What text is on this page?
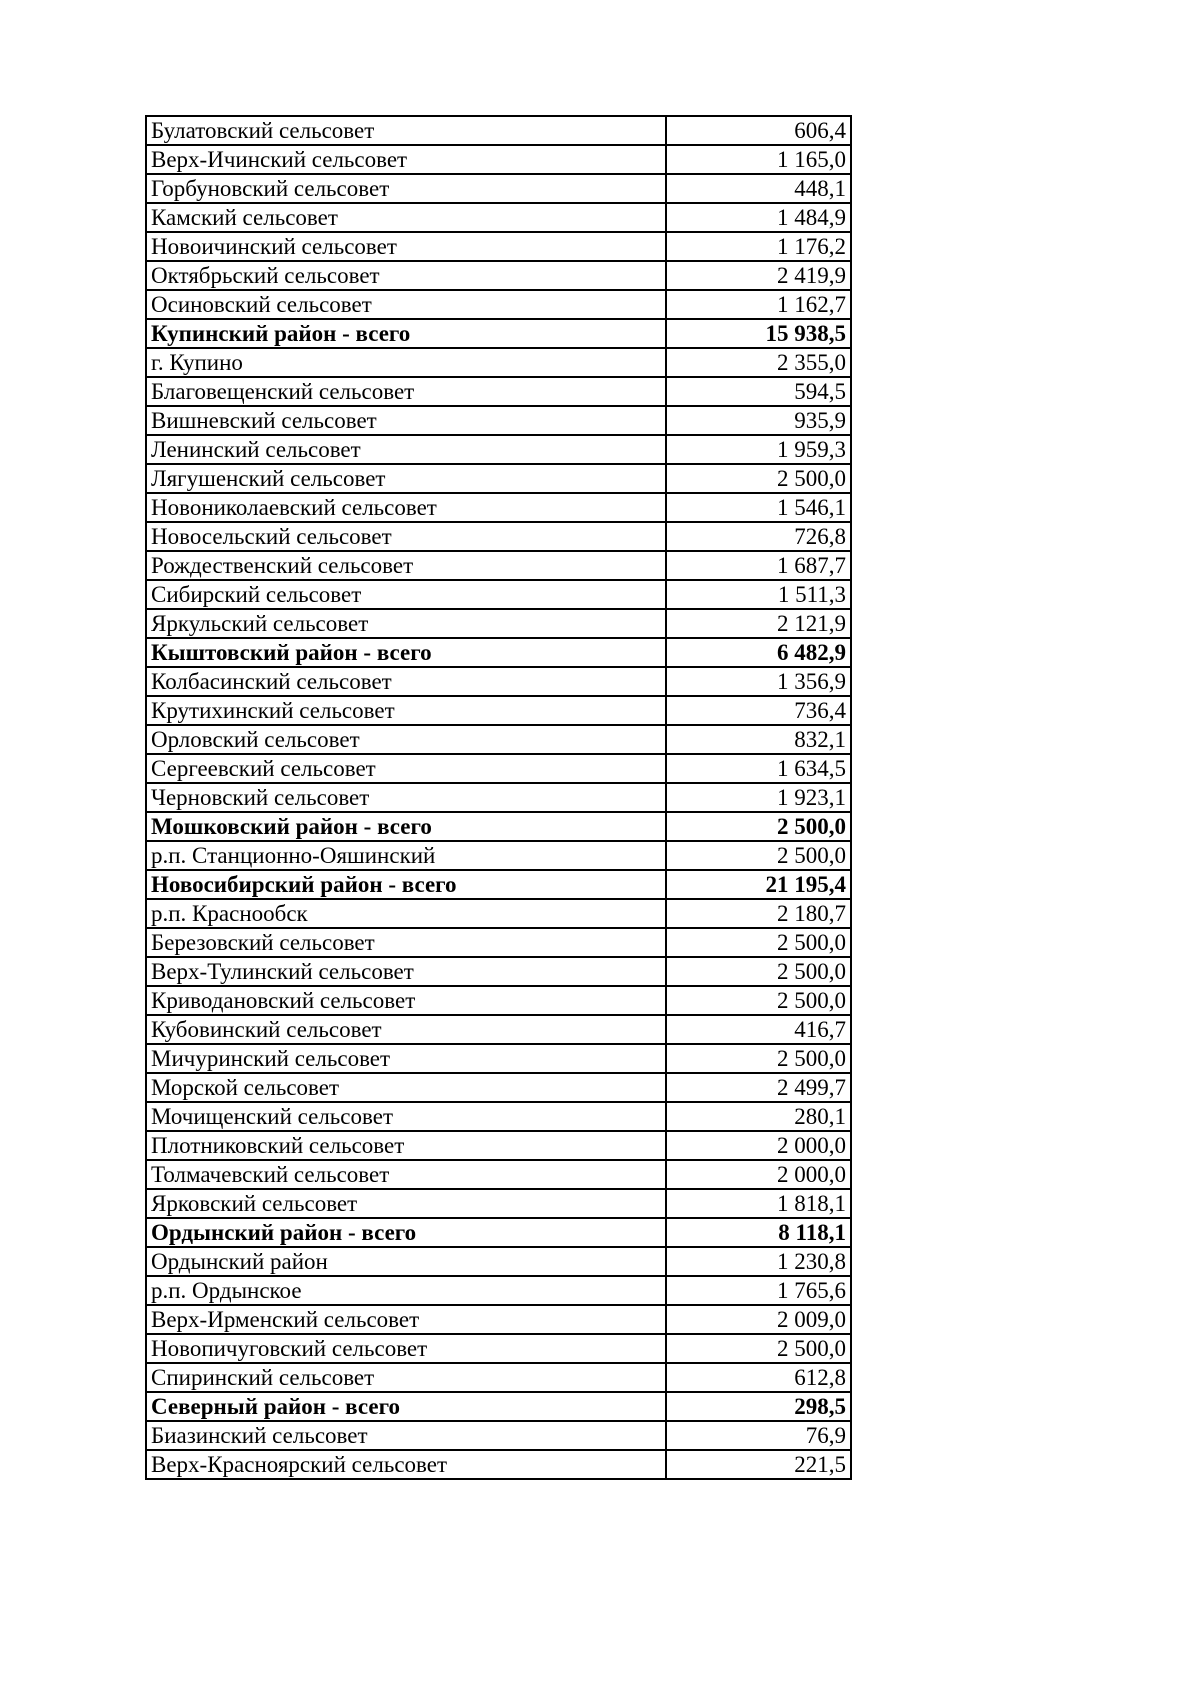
Булатовский сельсовет	606,4
Верх-Ичинский сельсовет	1 165,0
Горбуновский сельсовет	448,1
Камский сельсовет	1 484,9
Новоичинский сельсовет	1 176,2
Октябрьский сельсовет	2 419,9
Осиновский сельсовет	1 162,7
Купинский район - всего	15 938,5
г. Купино	2 355,0
Благовещенский сельсовет	594,5
Вишневский сельсовет	935,9
Ленинский сельсовет	1 959,3
Лягушенский сельсовет	2 500,0
Новониколаевский сельсовет	1 546,1
Новосельский сельсовет	726,8
Рождественский сельсовет	1 687,7
Сибирский сельсовет	1 511,3
Яркульский сельсовет	2 121,9
Кыштовский район - всего	6 482,9
Колбасинский сельсовет	1 356,9
Крутихинский сельсовет	736,4
Орловский сельсовет	832,1
Сергеевский сельсовет	1 634,5
Черновский сельсовет	1 923,1
Мошковский район - всего	2 500,0
р.п. Станционно-Ояшинский	2 500,0
Новосибирский район - всего	21 195,4
р.п. Краснообск	2 180,7
Березовский сельсовет	2 500,0
Верх-Тулинский сельсовет	2 500,0
Криводановский сельсовет	2 500,0
Кубовинский сельсовет	416,7
Мичуринский сельсовет	2 500,0
Морской сельсовет	2 499,7
Мочищенский сельсовет	280,1
Плотниковский сельсовет	2 000,0
Толмачевский сельсовет	2 000,0
Ярковский сельсовет	1 818,1
Ордынский район - всего	8 118,1
Ордынский район	1 230,8
р.п. Ордынское	1 765,6
Верх-Ирменский сельсовет	2 009,0
Новопичуговский сельсовет	2 500,0
Спиринский сельсовет	612,8
Северный район - всего	298,5
Биазинский сельсовет	76,9
Верх-Красноярский сельсовет	221,5
